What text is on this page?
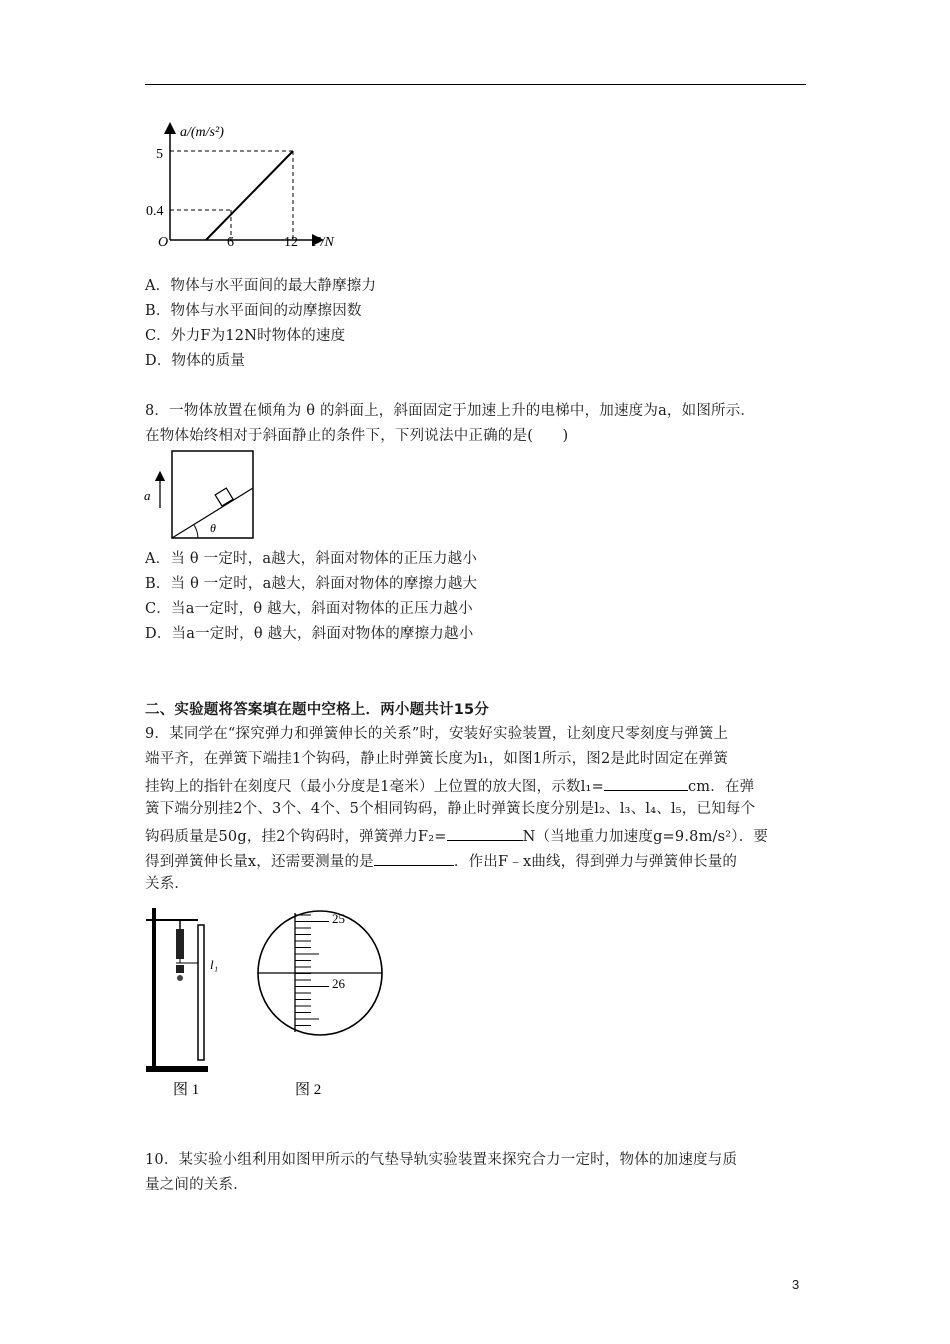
a/(m/s²)
5
0.4
O	6	12 F/N
A．物体与水平面间的最大静摩擦力
B．物体与水平面间的动摩擦因数
C．外力F为12N时物体的速度
D．物体的质量
8．一物体放置在倾角为 θ 的斜面上，斜面固定于加速上升的电梯中，加速度为a，如图所示．
在物体始终相对于斜面静止的条件下，下列说法中正确的是(　　)
θ
a
A．当 θ 一定时，a越大，斜面对物体的正压力越小
B．当 θ 一定时，a越大，斜面对物体的摩擦力越大
C．当a一定时，θ 越大，斜面对物体的正压力越小
D．当a一定时，θ 越大，斜面对物体的摩擦力越小
二、实验题将答案填在题中空格上．两小题共计15分
9．某同学在“探究弹力和弹簧伸长的关系”时，安装好实验装置，让刻度尺零刻度与弹簧上
端平齐，在弹簧下端挂1个钩码，静止时弹簧长度为l₁，如图1所示，图2是此时固定在弹簧
挂钩上的指针在刻度尺（最小分度是1毫米）上位置的放大图，示数l₁=	cm．在弹
簧下端分别挂2个、3个、4个、5个相同钩码，静止时弹簧长度分别是l₂、l₃、l₄、l₅，已知每个
钩码质量是50g，挂2个钩码时，弹簧弹力F₂=	N（当地重力加速度g=9.8m/s²）．要
得到弹簧伸长量x，还需要测量的是	．作出F﹣x曲线，得到弹力与弹簧伸长量的
关系．
l₁
图 1
25
26
图 2
10．某实验小组利用如图甲所示的气垫导轨实验装置来探究合力一定时，物体的加速度与质
量之间的关系．
3
